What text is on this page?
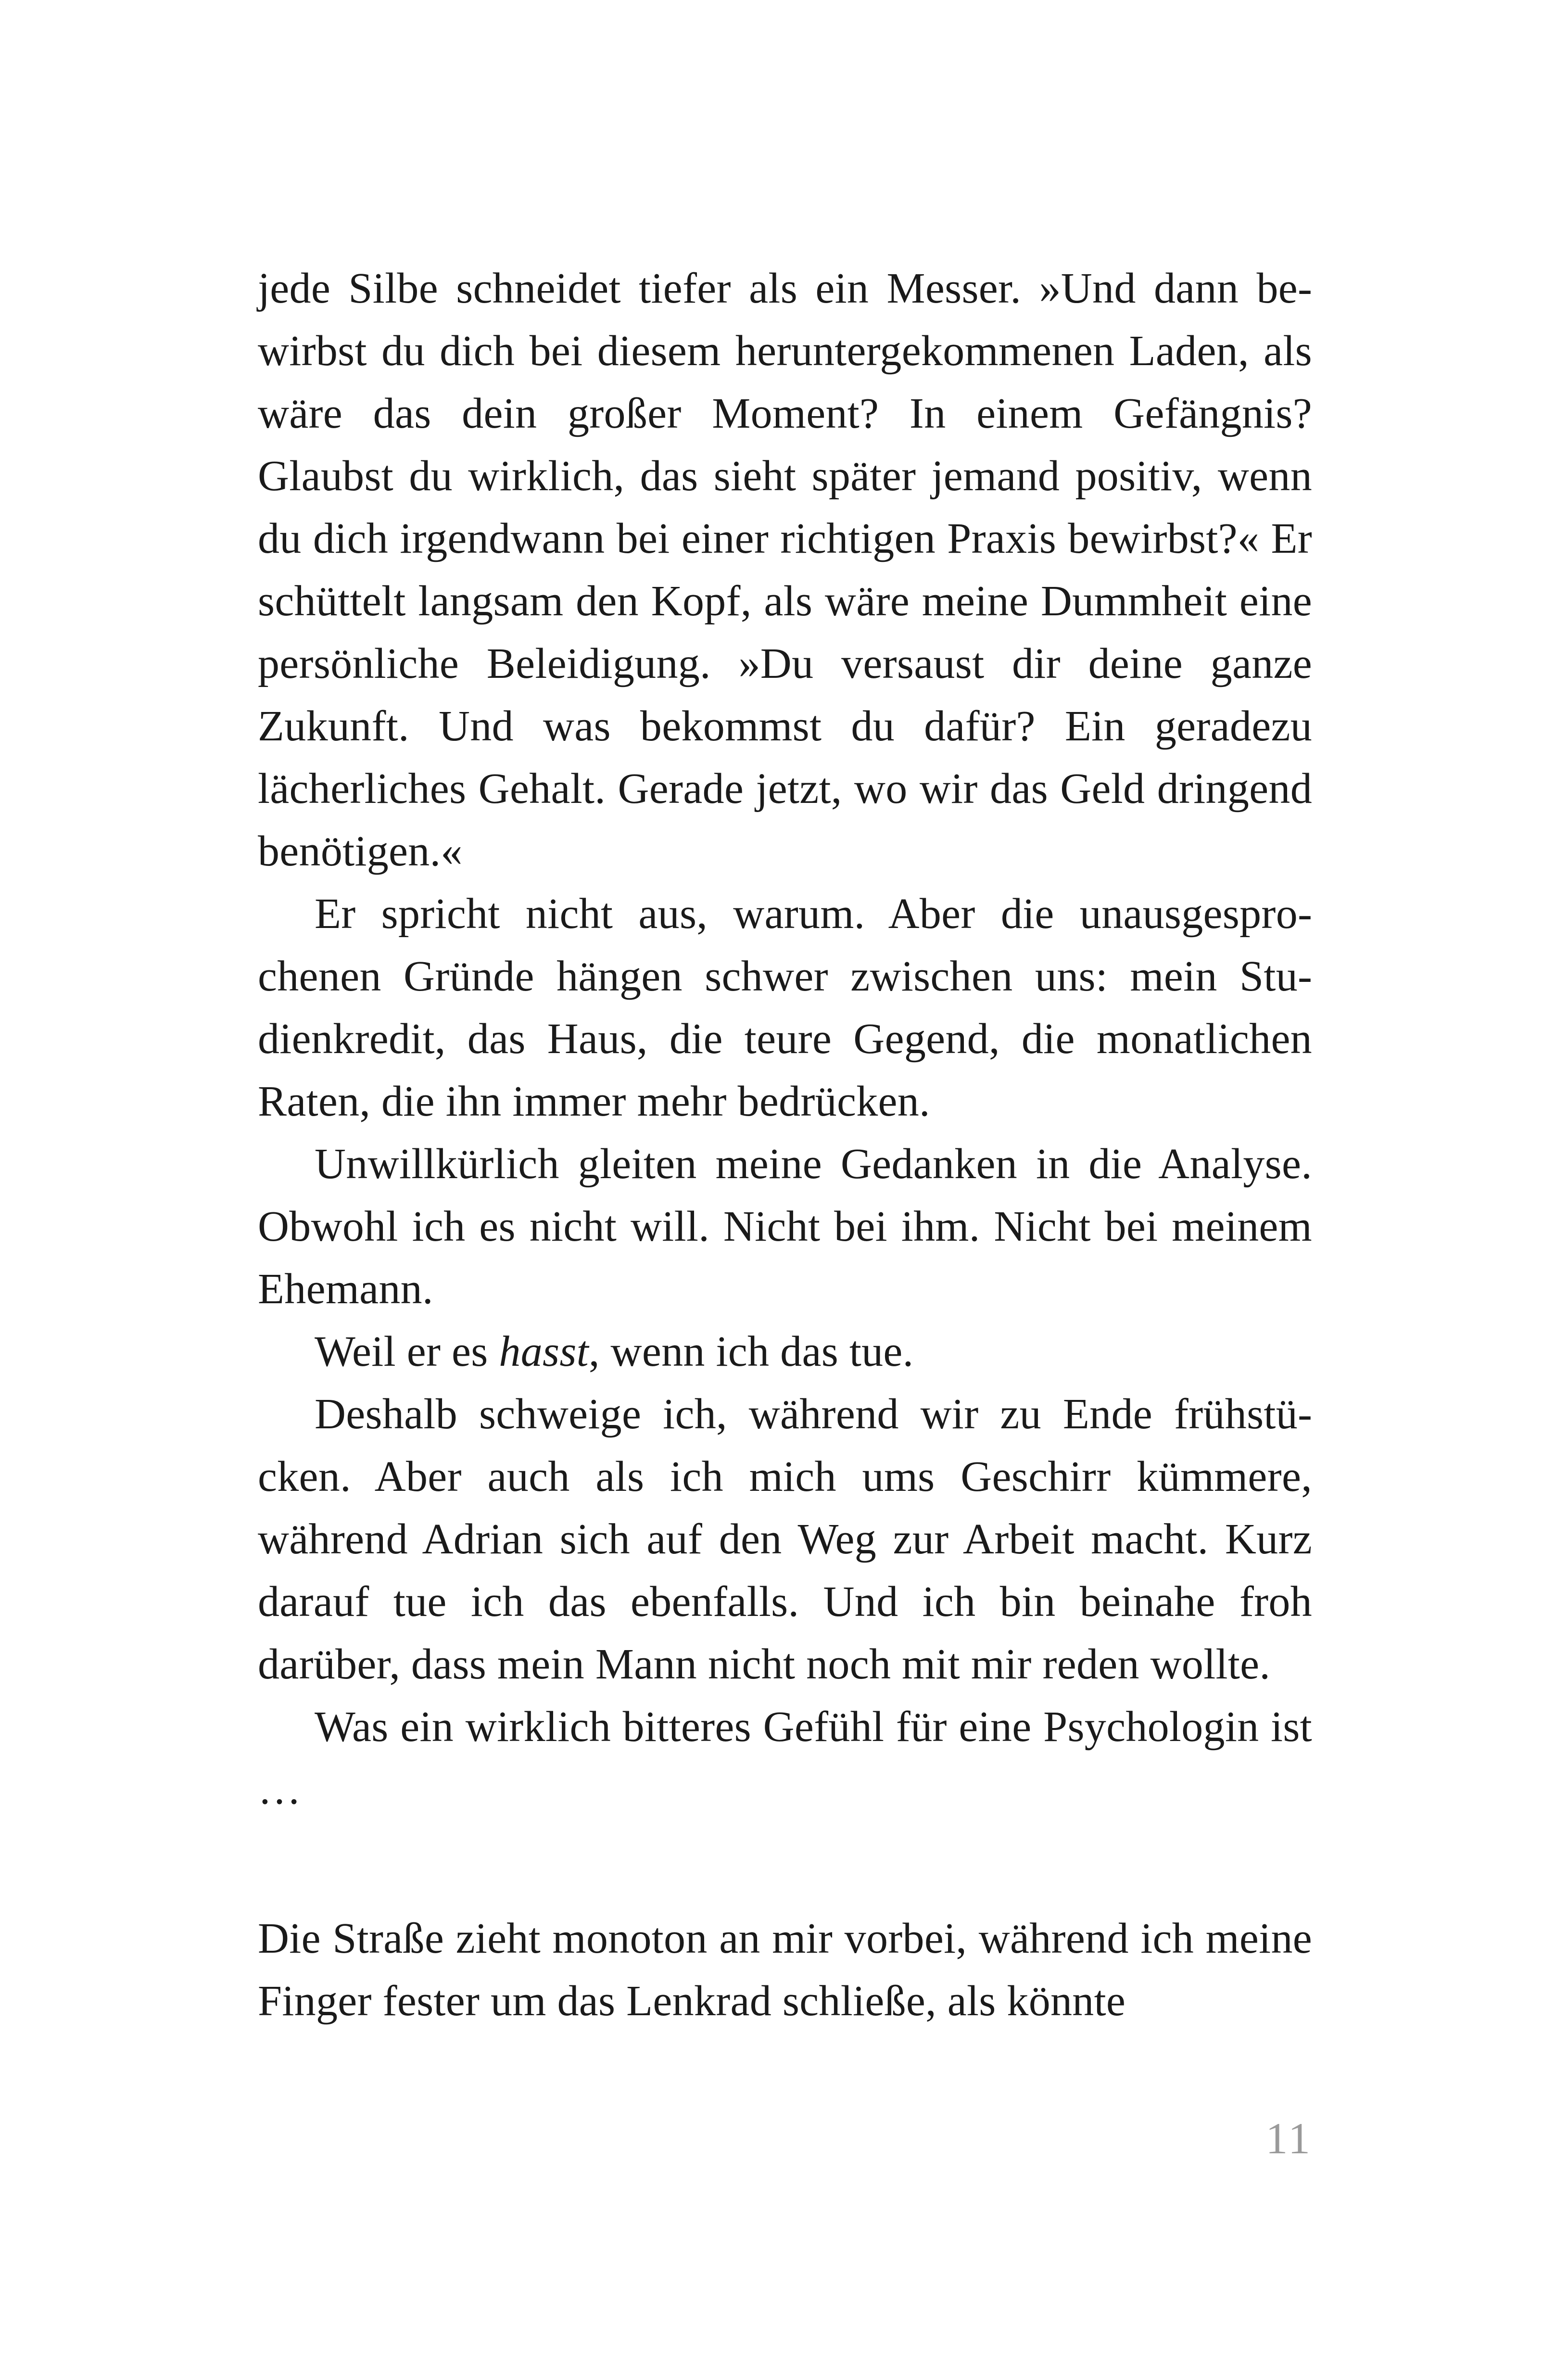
jede Silbe schneidet tiefer als ein Messer. »Und dann bewirbst du dich bei diesem heruntergekommenen Laden, als wäre das dein großer Moment? In einem Gefängnis? Glaubst du wirklich, das sieht später jemand positiv, wenn du dich irgendwann bei einer richtigen Praxis bewirbst?« Er schüttelt langsam den Kopf, als wäre meine Dummheit eine persönliche Beleidigung. »Du versaust dir deine ganze Zukunft. Und was bekommst du dafür? Ein geradezu lächerliches Gehalt. Gerade jetzt, wo wir das Geld dringend benötigen.«

Er spricht nicht aus, warum. Aber die unausgesprochenen Gründe hängen schwer zwischen uns: mein Studienkredit, das Haus, die teure Gegend, die monatlichen Raten, die ihn immer mehr bedrücken.

Unwillkürlich gleiten meine Gedanken in die Analyse. Obwohl ich es nicht will. Nicht bei ihm. Nicht bei meinem Ehemann.

Weil er es hasst, wenn ich das tue.

Deshalb schweige ich, während wir zu Ende frühstücken. Aber auch als ich mich ums Geschirr kümmere, während Adrian sich auf den Weg zur Arbeit macht. Kurz darauf tue ich das ebenfalls. Und ich bin beinahe froh darüber, dass mein Mann nicht noch mit mir reden wollte.

Was ein wirklich bitteres Gefühl für eine Psychologin ist …

Die Straße zieht monoton an mir vorbei, während ich meine Finger fester um das Lenkrad schließe, als könnte

11
